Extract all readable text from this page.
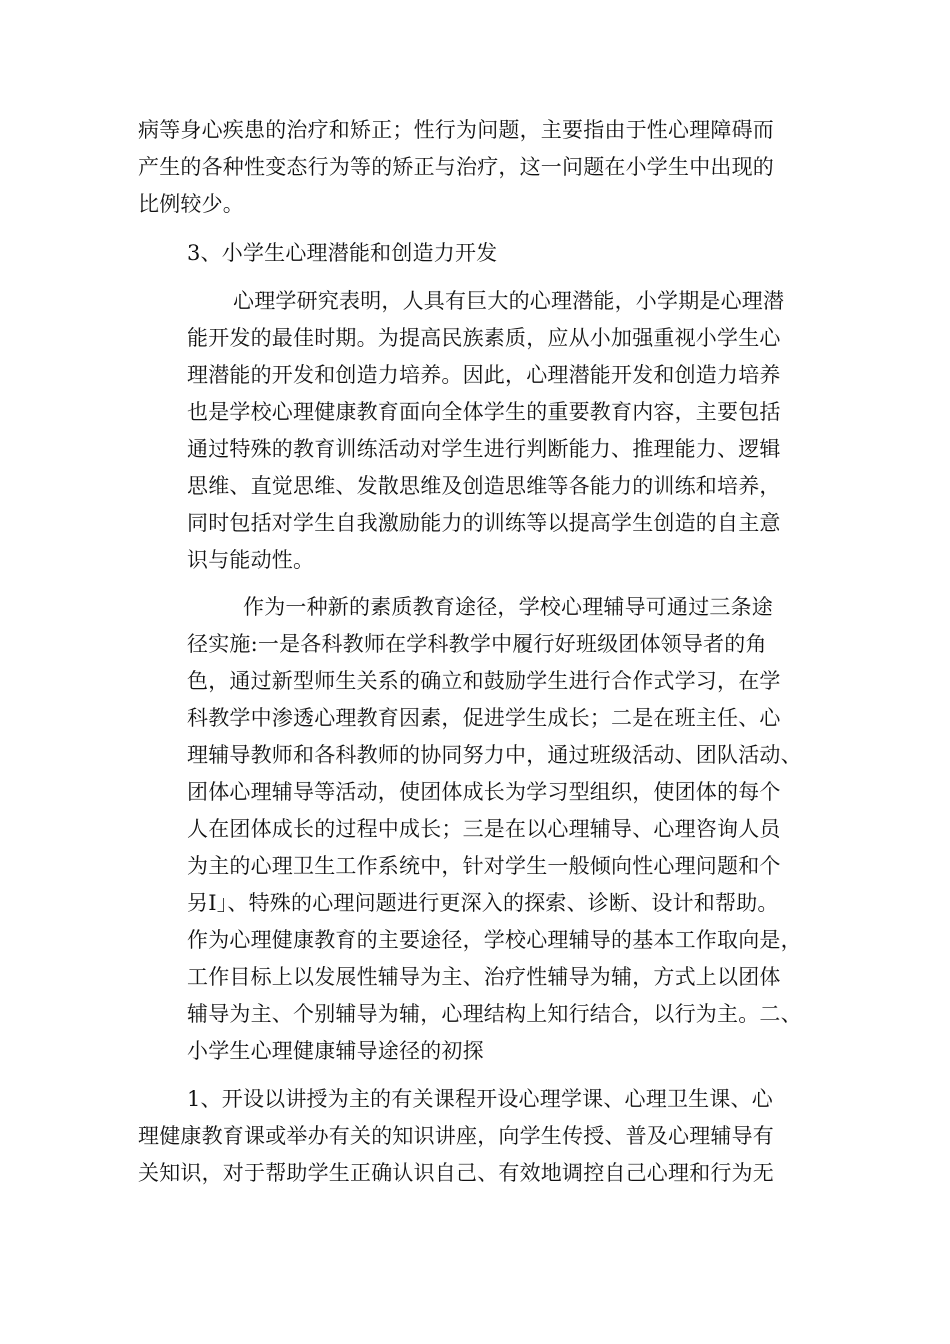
病等身心疾患的治疗和矫正；性行为问题，主要指由于性心理障碍而

产生的各种性变态行为等的矫正与治疗，这一问题在小学生中出现的

比例较少。

3、小学生心理潜能和创造力开发

心理学研究表明，人具有巨大的心理潜能，小学期是心理潜

能开发的最佳时期。为提高民族素质，应从小加强重视小学生心

理潜能的开发和创造力培养。因此，心理潜能开发和创造力培养

也是学校心理健康教育面向全体学生的重要教育内容，主要包括

通过特殊的教育训练活动对学生进行判断能力、推理能力、逻辑

思维、直觉思维、发散思维及创造思维等各能力的训练和培养，

同时包括对学生自我激励能力的训练等以提高学生创造的自主意

识与能动性。

作为一种新的素质教育途径，学校心理辅导可通过三条途

径实施:一是各科教师在学科教学中履行好班级团体领导者的角

色，通过新型师生关系的确立和鼓励学生进行合作式学习，在学

科教学中渗透心理教育因素，促进学生成长；二是在班主任、心

理辅导教师和各科教师的协同努力中，通过班级活动、团队活动、

团体心理辅导等活动，使团体成长为学习型组织，使团体的每个

人在团体成长的过程中成长；三是在以心理辅导、心理咨询人员

为主的心理卫生工作系统中，针对学生一般倾向性心理问题和个

另I」、特殊的心理问题进行更深入的探索、诊断、设计和帮助。

作为心理健康教育的主要途径，学校心理辅导的基本工作取向是，

工作目标上以发展性辅导为主、治疗性辅导为辅，方式上以团体

辅导为主、个别辅导为辅，心理结构上知行结合，以行为主。二、

小学生心理健康辅导途径的初探

1、开设以讲授为主的有关课程开设心理学课、心理卫生课、心

理健康教育课或举办有关的知识讲座，向学生传授、普及心理辅导有

关知识，对于帮助学生正确认识自己、有效地调控自己心理和行为无
